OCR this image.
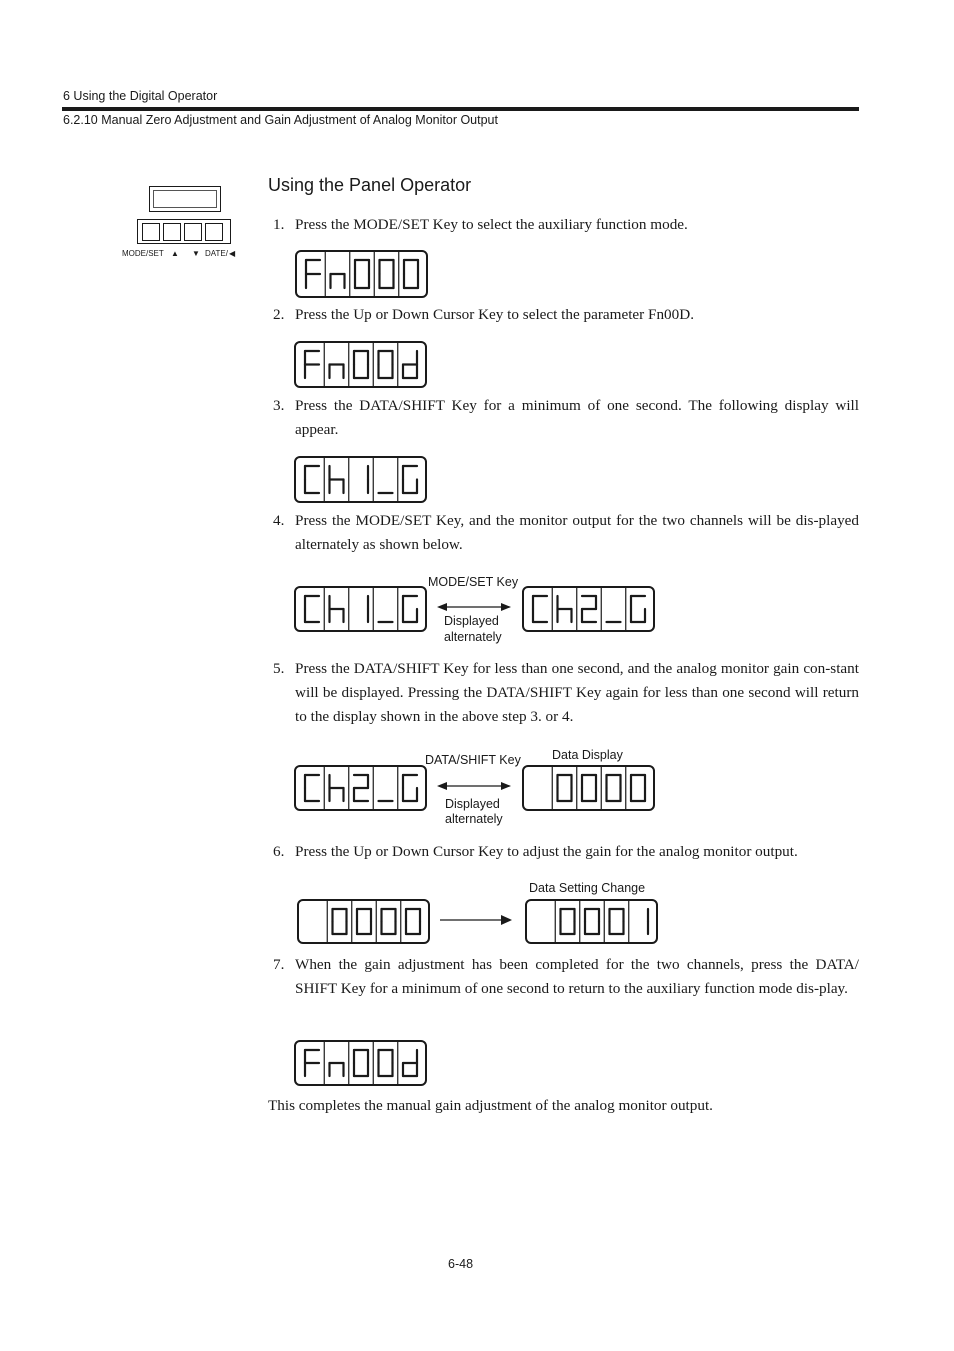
6 Using the Digital Operator
6.2.10 Manual Zero Adjustment and Gain Adjustment of Analog Monitor Output
MODE/SET ▲ ▼ DATE/ ◀
Using the Panel Operator
1. Press the MODE/SET Key to select the auxiliary function mode.
2. Press the Up or Down Cursor Key to select the parameter Fn00D.
3. Press the DATA/SHIFT Key for a minimum of one second. The following display will appear.
4. Press the MODE/SET Key, and the monitor output for the two channels will be dis-played alternately as shown below.
MODE/SET Key
Displayed
alternately
5. Press the DATA/SHIFT Key for less than one second, and the analog monitor gain con-stant will be displayed. Pressing the DATA/SHIFT Key again for less than one second will return to the display shown in the above step 3. or 4.
DATA/SHIFT Key
Displayed
alternately
Data Display
6. Press the Up or Down Cursor Key to adjust the gain for the analog monitor output.
Data Setting Change
7. When the gain adjustment has been completed for the two channels, press the DATA/ SHIFT Key for a minimum of one second to return to the auxiliary function mode dis-play.
This completes the manual gain adjustment of the analog monitor output.
6-48
